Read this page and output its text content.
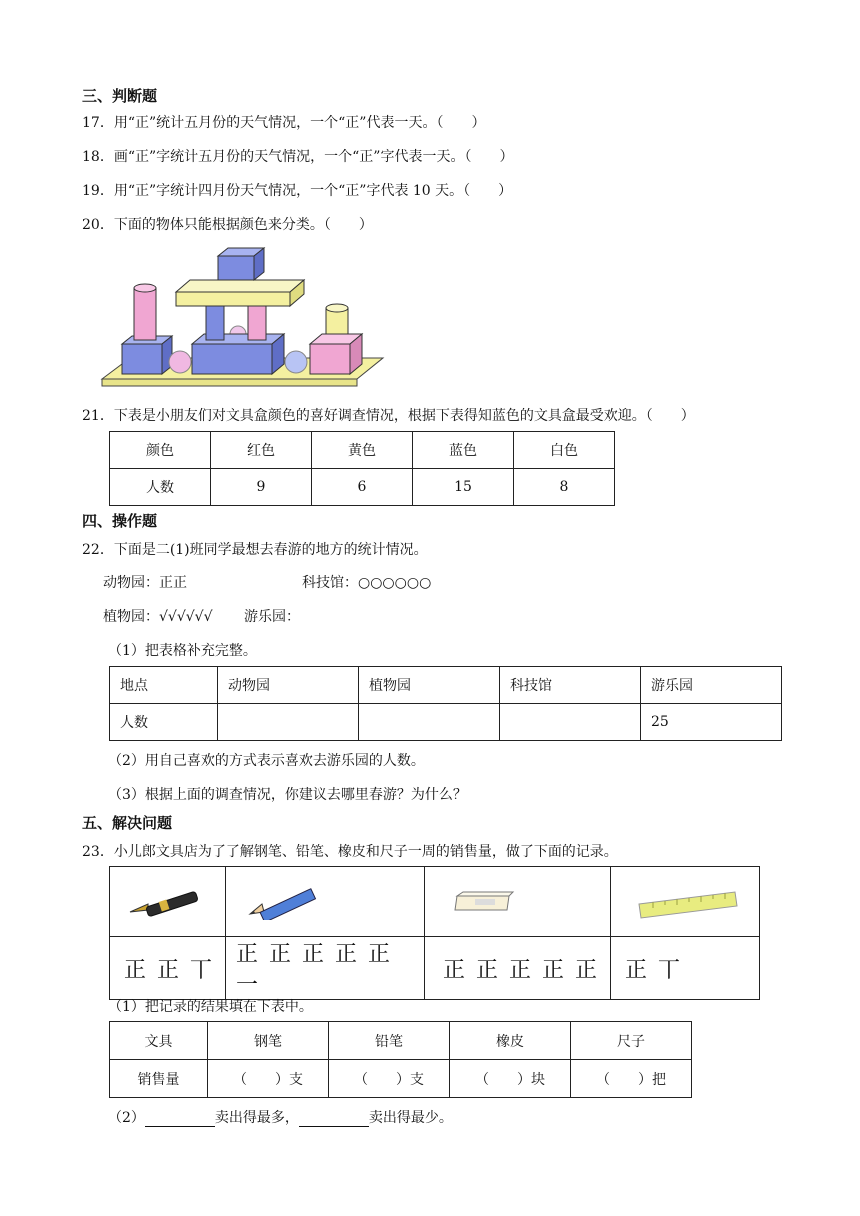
三、判断题
17．用“正”统计五月份的天气情况，一个“正”代表一天。（　　）
18．画“正”字统计五月份的天气情况，一个“正”字代表一天。（　　）
19．用“正”字统计四月份天气情况，一个“正”字代表 10 天。（　　）
20．下面的物体只能根据颜色来分类。（　　）
21．下表是小朋友们对文具盒颜色的喜好调查情况，根据下表得知蓝色的文具盒最受欢迎。（　　）
颜色	红色	黄色	蓝色	白色
人数	9	6	15	8
四、操作题
22．下面是二(1)班同学最想去春游的地方的统计情况。
动物园：正正	科技馆：○○○○○○
植物园：√√√√√√ 游乐园：
（1）把表格补充完整。
地点	动物园	植物园	科技馆	游乐园
人数				25
（2）用自己喜欢的方式表示喜欢去游乐园的人数。
（3）根据上面的调查情况，你建议去哪里春游？为什么？
五、解决问题
23．小儿郎文具店为了了解钢笔、铅笔、橡皮和尺子一周的销售量，做了下面的记录。

正 正 丅	正 正 正 正 正 一	正 正 正 正 正	正 丅
（1）把记录的结果填在下表中。
文具	钢笔	铅笔	橡皮	尺子
销售量	（　　）支	（　　）支	（　　）块	（　　）把
（2）	卖出得最多，	卖出得最少。
